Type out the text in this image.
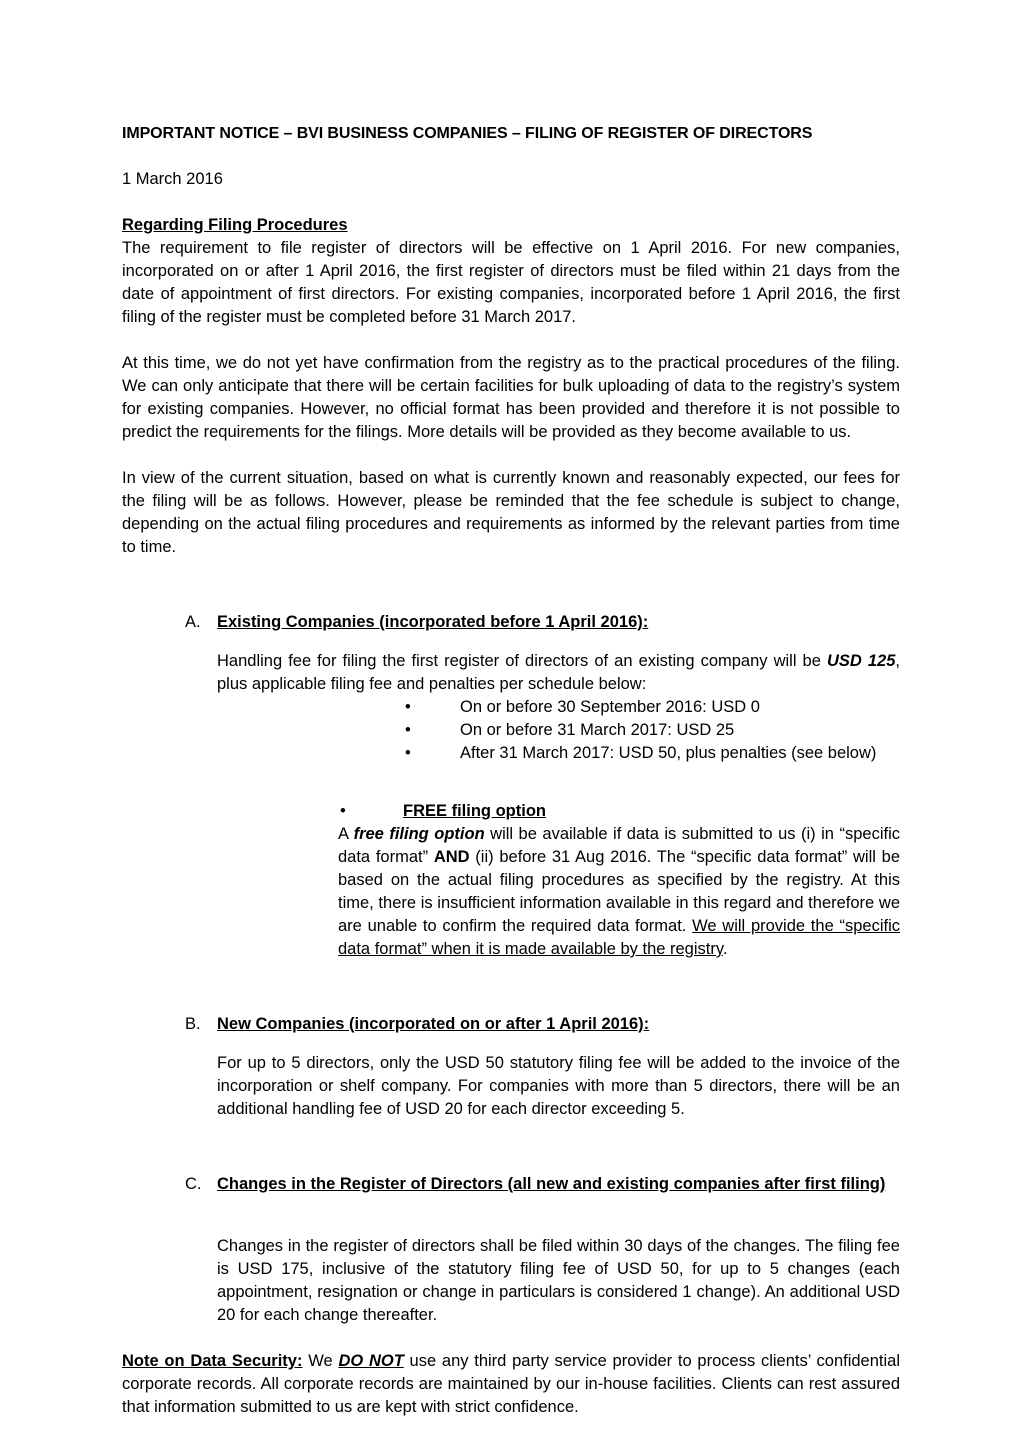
IMPORTANT NOTICE – BVI BUSINESS COMPANIES – FILING OF REGISTER OF DIRECTORS

1 March 2016

Regarding Filing Procedures

The requirement to file register of directors will be effective on 1 April 2016. For new companies, incorporated on or after 1 April 2016, the first register of directors must be filed within 21 days from the date of appointment of first directors. For existing companies, incorporated before 1 April 2016, the first filing of the register must be completed before 31 March 2017.

At this time, we do not yet have confirmation from the registry as to the practical procedures of the filing. We can only anticipate that there will be certain facilities for bulk uploading of data to the registry’s system for existing companies. However, no official format has been provided and therefore it is not possible to predict the requirements for the filings. More details will be provided as they become available to us.

In view of the current situation, based on what is currently known and reasonably expected, our fees for the filing will be as follows. However, please be reminded that the fee schedule is subject to change, depending on the actual filing procedures and requirements as informed by the relevant parties from time to time.

A. Existing Companies (incorporated before 1 April 2016):

Handling fee for filing the first register of directors of an existing company will be USD 125, plus applicable filing fee and penalties per schedule below:

•	On or before 30 September 2016: USD 0
•	On or before 31 March 2017: USD 25
•	After 31 March 2017: USD 50, plus penalties (see below)
•	FREE filing option

A free filing option will be available if data is submitted to us (i) in “specific data format” AND (ii) before 31 Aug 2016. The “specific data format” will be based on the actual filing procedures as specified by the registry. At this time, there is insufficient information available in this regard and therefore we are unable to confirm the required data format. We will provide the “specific data format” when it is made available by the registry.

B. New Companies (incorporated on or after 1 April 2016):

For up to 5 directors, only the USD 50 statutory filing fee will be added to the invoice of the incorporation or shelf company. For companies with more than 5 directors, there will be an additional handling fee of USD 20 for each director exceeding 5.

C. Changes in the Register of Directors (all new and existing companies after first filing)

Changes in the register of directors shall be filed within 30 days of the changes. The filing fee is USD 175, inclusive of the statutory filing fee of USD 50, for up to 5 changes (each appointment, resignation or change in particulars is considered 1 change). An additional USD 20 for each change thereafter.

Note on Data Security: We DO NOT use any third party service provider to process clients’ confidential corporate records. All corporate records are maintained by our in-house facilities. Clients can rest assured that information submitted to us are kept with strict confidence.
